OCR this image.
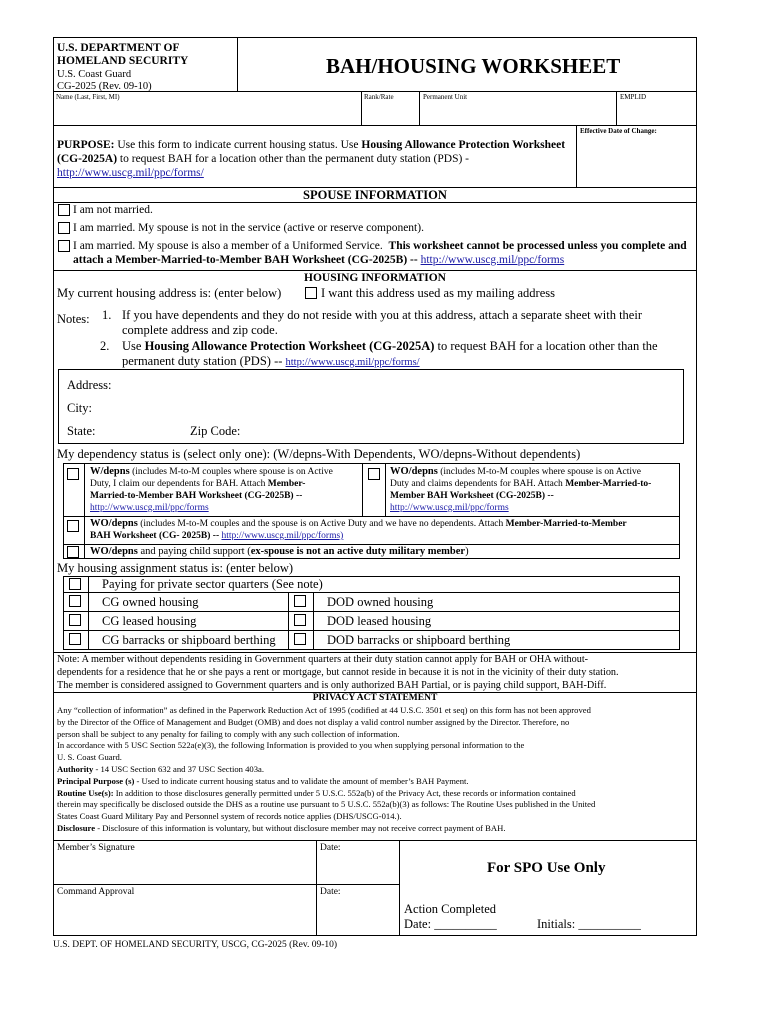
U.S. DEPARTMENT OF
HOMELAND SECURITY
U.S. Coast Guard
CG-2025 (Rev. 09-10)
BAH/HOUSING WORKSHEET
Name (Last, First, MI)	Rank/Rate	Permanent Unit	EMPLID
Effective Date of Change:
PURPOSE: Use this form to indicate current housing status. Use Housing Allowance Protection Worksheet
(CG-2025A) to request BAH for a location other than the permanent duty station (PDS) -
http://www.uscg.mil/ppc/forms/
SPOUSE INFORMATION
I am not married.
I am married. My spouse is not in the service (active or reserve component).
I am married. My spouse is also a member of a Uniformed Service. This worksheet cannot be processed unless you complete and
attach a Member-Married-to-Member BAH Worksheet (CG-2025B) -- http://www.uscg.mil/ppc/forms
HOUSING INFORMATION
My current housing address is: (enter below)	I want this address used as my mailing address
Notes: 1. If you have dependents and they do not reside with you at this address, attach a separate sheet with their
complete address and zip code.
2. Use Housing Allowance Protection Worksheet (CG-2025A) to request BAH for a location other than the
permanent duty station (PDS) -- http://www.uscg.mil/ppc/forms/
Address:
City:
State:	Zip Code:
My dependency status is (select only one): (W/depns-With Dependents, WO/depns-Without dependents)
W/depns (includes M-to-M couples where spouse is on Active
Duty, I claim our dependents for BAH. Attach Member-
Married-to-Member BAH Worksheet (CG-2025B) --
http://www.uscg.mil/ppc/forms
WO/depns (includes M-to-M couples where spouse is on Active
Duty and claims dependents for BAH. Attach Member-Married-to-
Member BAH Worksheet (CG-2025B) --
http://www.uscg.mil/ppc/forms
WO/depns (includes M-to-M couples and the spouse is on Active Duty and we have no dependents. Attach Member-Married-to-Member
BAH Worksheet (CG- 2025B) -- http://www.uscg.mil/ppc/forms)
WO/depns and paying child support (ex-spouse is not an active duty military member)
My housing assignment status is: (enter below)
Paying for private sector quarters (See note)
CG owned housing	DOD owned housing
CG leased housing	DOD leased housing
CG barracks or shipboard berthing	DOD barracks or shipboard berthing
Note: A member without dependents residing in Government quarters at their duty station cannot apply for BAH or OHA without-
dependents for a residence that he or she pays a rent or mortgage, but cannot reside in because it is not in the vicinity of their duty station.
The member is considered assigned to Government quarters and is only authorized BAH Partial, or is paying child support, BAH-Diff.
PRIVACY ACT STATEMENT
Any “collection of information” as defined in the Paperwork Reduction Act of 1995 (codified at 44 U.S.C. 3501 et seq) on this form has not been approved
by the Director of the Office of Management and Budget (OMB) and does not display a valid control number assigned by the Director. Therefore, no
person shall be subject to any penalty for failing to comply with any such collection of information.
In accordance with 5 USC Section 522a(e)(3), the following Information is provided to you when supplying personal information to the
U. S. Coast Guard.
Authority - 14 USC Section 632 and 37 USC Section 403a.
Principal Purpose (s) - Used to indicate current housing status and to validate the amount of member’s BAH Payment.
Routine Use(s): In addition to those disclosures generally permitted under 5 U.S.C. 552a(b) of the Privacy Act, these records or information contained
therein may specifically be disclosed outside the DHS as a routine use pursuant to 5 U.S.C. 552a(b)(3) as follows: The Routine Uses published in the United
States Coast Guard Military Pay and Personnel system of records notice applies (DHS/USCG-014.).
Disclosure - Disclosure of this information is voluntary, but without disclosure member may not receive correct payment of BAH.
Member’s Signature	Date:
Command Approval	Date:
For SPO Use Only
Action Completed
Date: __________	Initials: __________
U.S. DEPT. OF HOMELAND SECURITY, USCG, CG-2025 (Rev. 09-10)
